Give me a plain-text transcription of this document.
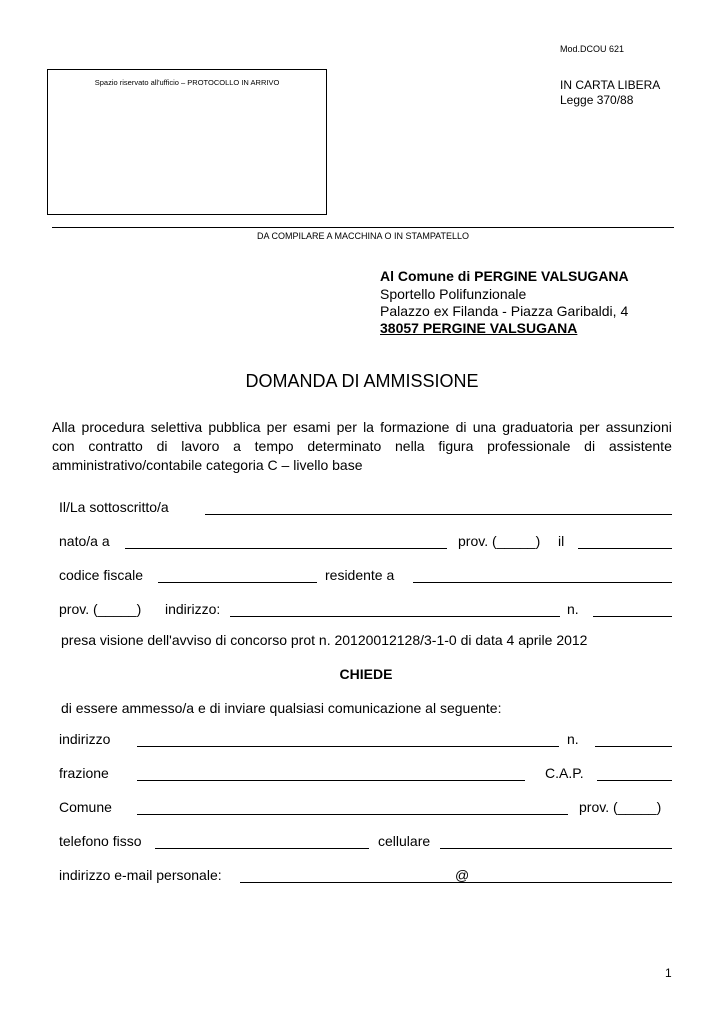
Mod.DCOU 621
IN CARTA LIBERA
Legge 370/88
Spazio riservato all'ufficio – PROTOCOLLO IN ARRIVO
DA COMPILARE A MACCHINA O IN STAMPATELLO
Al Comune di PERGINE VALSUGANA
Sportello Polifunzionale
Palazzo ex Filanda - Piazza Garibaldi, 4
38057 PERGINE VALSUGANA
DOMANDA DI AMMISSIONE
Alla procedura selettiva pubblica per esami per la formazione di una graduatoria per assunzioni
con contratto di lavoro a tempo determinato nella figura professionale di assistente
amministrativo/contabile categoria C – livello base
Il/La sottoscritto/a
nato/a a	prov. (_____) il
codice fiscale	residente a
prov. (_____) indirizzo:	n.
presa visione dell'avviso di concorso prot n. 20120012128/3-1-0 di data 4 aprile 2012
CHIEDE
di essere ammesso/a e di inviare qualsiasi comunicazione al seguente:
indirizzo	n.
frazione	C.A.P.
Comune	prov. (_____)
telefono fisso	cellulare
indirizzo e-mail personale:	@
1
